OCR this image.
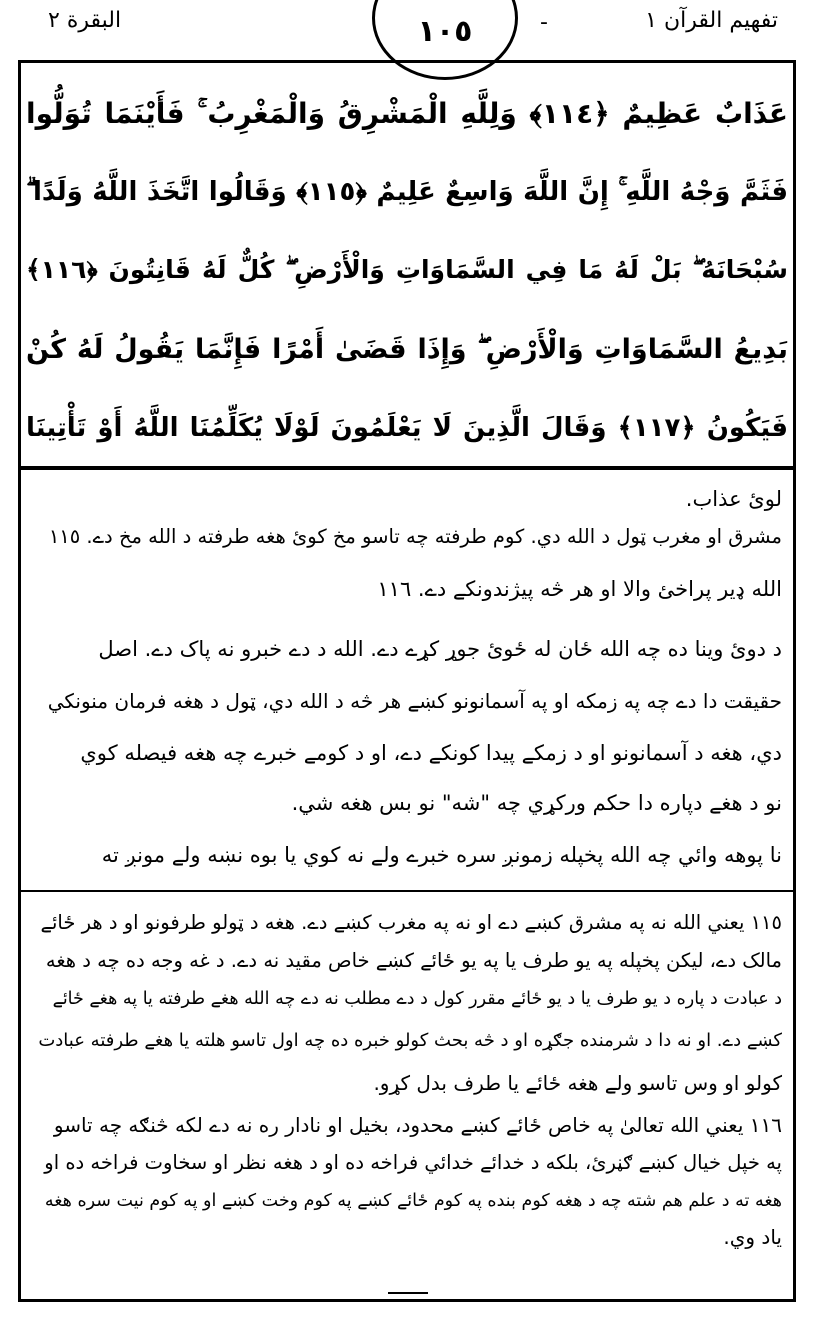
البقرة ٢	-	تفهيم القرآن ١
١٠٥
عَذَابٌ عَظِيمٌ ﴿١١٤﴾ وَلِلَّهِ الْمَشْرِقُ وَالْمَغْرِبُ ۚ فَأَيْنَمَا تُوَلُّوا
فَثَمَّ وَجْهُ اللَّهِ ۚ إِنَّ اللَّهَ وَاسِعٌ عَلِيمٌ ﴿١١٥﴾ وَقَالُوا اتَّخَذَ اللَّهُ وَلَدًا ۗ
سُبْحَانَهُ ۖ بَلْ لَهُ مَا فِي السَّمَاوَاتِ وَالْأَرْضِ ۖ كُلٌّ لَهُ قَانِتُونَ ﴿١١٦﴾
بَدِيعُ السَّمَاوَاتِ وَالْأَرْضِ ۖ وَإِذَا قَضَىٰ أَمْرًا فَإِنَّمَا يَقُولُ لَهُ كُنْ
فَيَكُونُ ﴿١١٧﴾ وَقَالَ الَّذِينَ لَا يَعْلَمُونَ لَوْلَا يُكَلِّمُنَا اللَّهُ أَوْ تَأْتِينَا
لوئ عذاب.
مشرق او مغرب ټول د الله دي. کوم طرفته چه تاسو مخ کوئ هغه طرفته د الله مخ دے. ١١٥
الله ډیر پراخئ والا او هر څه پیژندونکے دے. ١١٦
د دوئ وینا ده چه الله ځان له ځوئ جوړ کړے دے. الله د دے خبرو نه پاک دے. اصل
حقیقت دا دے چه په زمکه او په آسمانونو کښے هر څه د الله دي، ټول د هغه فرمان منونکي
دي، هغه د آسمانونو او د زمکے پیدا کونکے دے، او د کومے خبرے چه هغه فیصله کوي
نو د هغے دپاره دا حکم ورکړي چه "شه" نو بس هغه شي.
نا پوهه وائي چه الله پخپله زمونږ سره خبرے ولے نه کوي یا بوه نښه ولے مونږ ته
١١٥ یعني الله نه په مشرق کښے دے او نه په مغرب کښے دے. هغه د ټولو طرفونو او د هر ځائے
مالک دے، لیکن پخپله په یو طرف یا په یو ځائے کښے خاص مقید نه دے. د غه وجه ده چه د هغه
د عبادت د پاره د یو طرف یا د یو ځائے مقرر کول د دے مطلب نه دے چه الله هغے طرفته یا په هغے ځائے
کښے دے. او نه دا د شرمنده جګړه او د څه بحث کولو خبره ده چه اول تاسو هلته یا هغے طرفته عبادت
کولو او وس تاسو ولے هغه ځائے یا طرف بدل کړو.
١١٦ یعني الله تعالیٰ په خاص ځائے کښے محدود، بخیل او نادار ره نه دے لکه څنګه چه تاسو
په خپل خیال کښے ګڼرئ، بلکه د خدائے خدائي فراخه ده او د هغه نظر او سخاوت فراخه ده او
هغه ته د علم هم شته چه د هغه کوم بنده په کوم ځائے کښے په کوم وخت کښے او په کوم نیت سره هغه
یاد وي.
